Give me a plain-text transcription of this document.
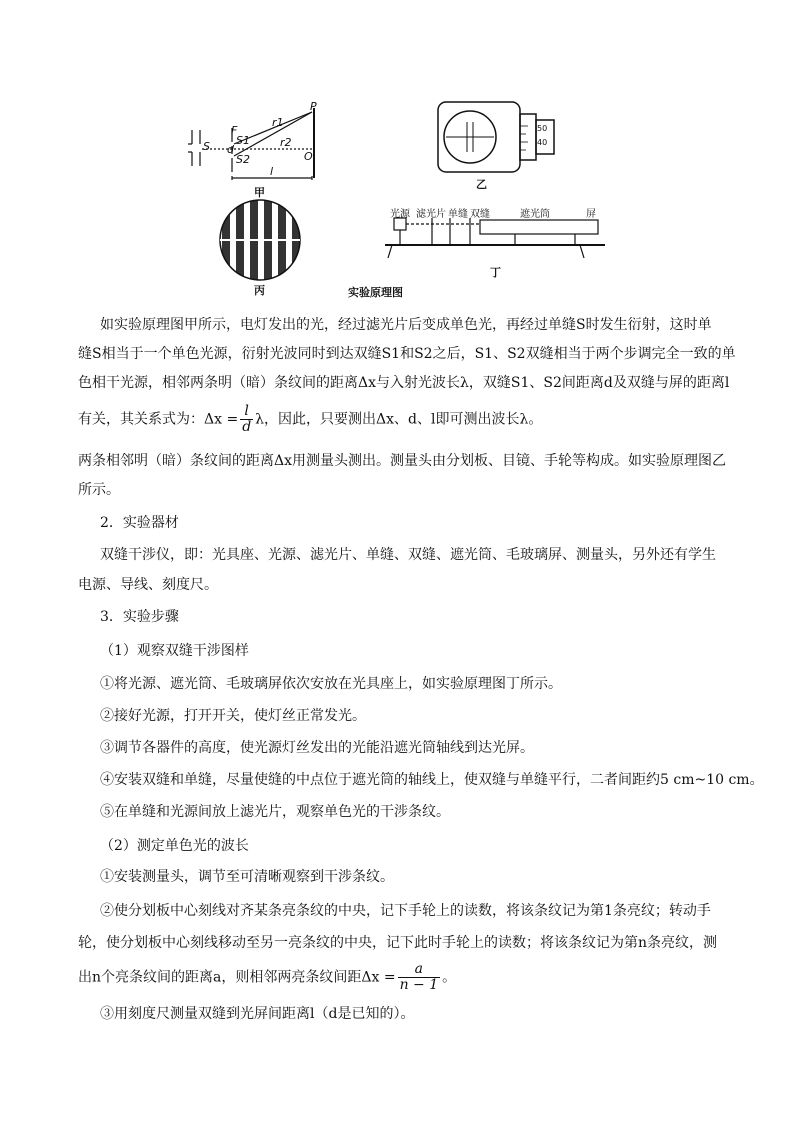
S
F
S1
d
S2
r1
r2
P
O
l
甲
50
40
乙
丙	实验原理图
光源 滤光片 单缝 双缝	遮光筒	屏
丁
如实验原理图甲所示，电灯发出的光，经过滤光片后变成单色光，再经过单缝S时发生衍射，这时单
缝S相当于一个单色光源，衍射光波同时到达双缝S1和S2之后，S1、S2双缝相当于两个步调完全一致的单
色相干光源，相邻两条明（暗）条纹间的距离Δx与入射光波长λ，双缝S1、S2间距离d及双缝与屏的距离l
有关，其关系式为：$\Delta x = \frac{l}{d}$ λ，因此，只要测出Δx、d、l即可测出波长λ。
两条相邻明（暗）条纹间的距离Δx用测量头测出。测量头由分划板、目镜、手轮等构成。如实验原理图乙
所示。
2．实验器材
双缝干涉仪，即：光具座、光源、滤光片、单缝、双缝、遮光筒、毛玻璃屏、测量头，另外还有学生
电源、导线、刻度尺。
3．实验步骤
（1）观察双缝干涉图样
①将光源、遮光筒、毛玻璃屏依次安放在光具座上，如实验原理图丁所示。
②接好光源，打开开关，使灯丝正常发光。
③调节各器件的高度，使光源灯丝发出的光能沿遮光筒轴线到达光屏。
④安装双缝和单缝，尽量使缝的中点位于遮光筒的轴线上，使双缝与单缝平行，二者间距约5 cm~10 cm。
⑤在单缝和光源间放上滤光片，观察单色光的干涉条纹。
（2）测定单色光的波长
①安装测量头，调节至可清晰观察到干涉条纹。
②使分划板中心刻线对齐某条亮条纹的中央，记下手轮上的读数，将该条纹记为第1条亮纹；转动手
轮，使分划板中心刻线移动至另一亮条纹的中央，记下此时手轮上的读数；将该条纹记为第n条亮纹，测
出n个亮条纹间的距离a，则相邻两亮条纹间距$\Delta x = \frac{a}{n - 1}$ 。
③用刻度尺测量双缝到光屏间距离l（d是已知的）。
